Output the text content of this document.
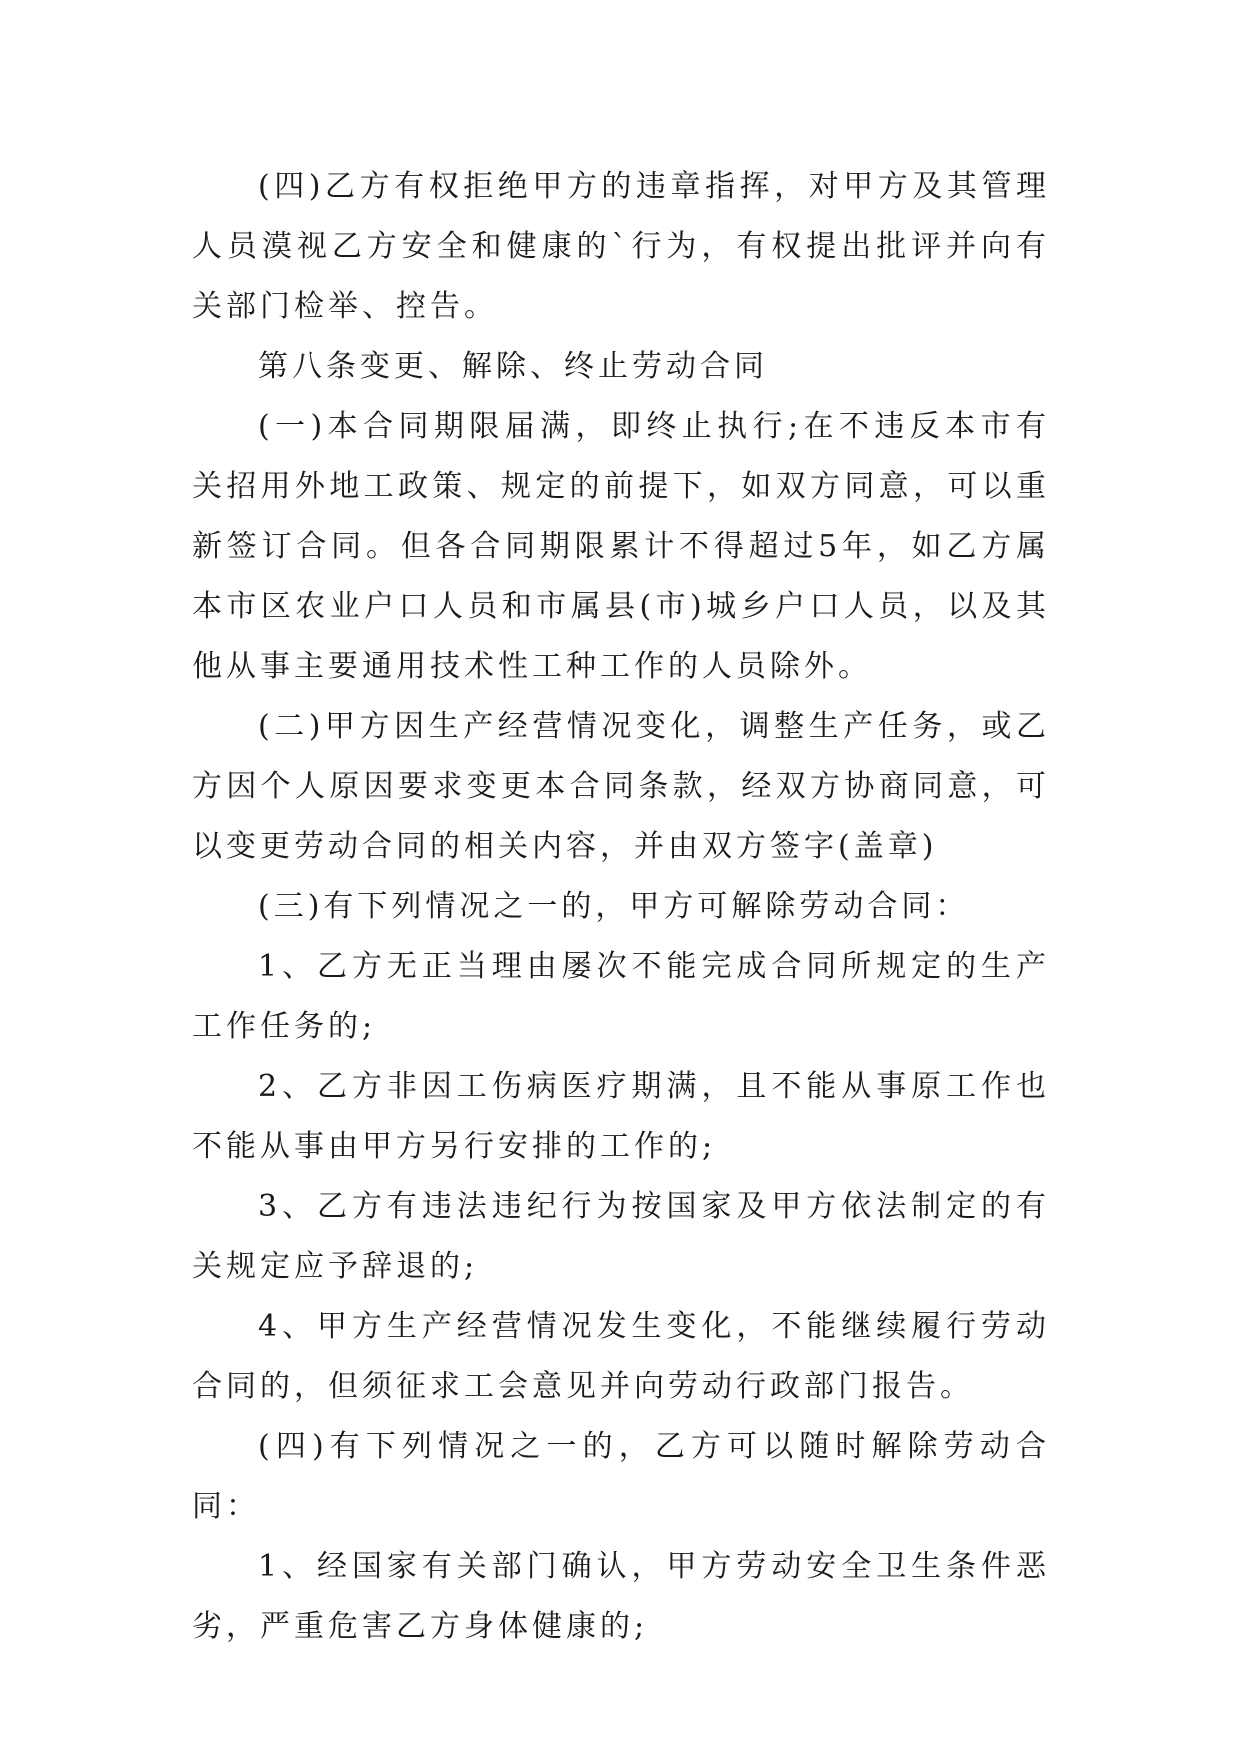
(四)乙方有权拒绝甲方的违章指挥，对甲方及其管理人员漠视乙方安全和健康的`行为，有权提出批评并向有关部门检举、控告。

第八条变更、解除、终止劳动合同

(一)本合同期限届满，即终止执行;在不违反本市有关招用外地工政策、规定的前提下，如双方同意，可以重新签订合同。但各合同期限累计不得超过5年，如乙方属本市区农业户口人员和市属县(市)城乡户口人员，以及其他从事主要通用技术性工种工作的人员除外。

(二)甲方因生产经营情况变化，调整生产任务，或乙方因个人原因要求变更本合同条款，经双方协商同意，可以变更劳动合同的相关内容，并由双方签字(盖章)

(三)有下列情况之一的，甲方可解除劳动合同：

1、乙方无正当理由屡次不能完成合同所规定的生产工作任务的;

2、乙方非因工伤病医疗期满，且不能从事原工作也不能从事由甲方另行安排的工作的;

3、乙方有违法违纪行为按国家及甲方依法制定的有关规定应予辞退的;

4、甲方生产经营情况发生变化，不能继续履行劳动合同的，但须征求工会意见并向劳动行政部门报告。

(四)有下列情况之一的，乙方可以随时解除劳动合同：

1、经国家有关部门确认，甲方劳动安全卫生条件恶劣，严重危害乙方身体健康的;
